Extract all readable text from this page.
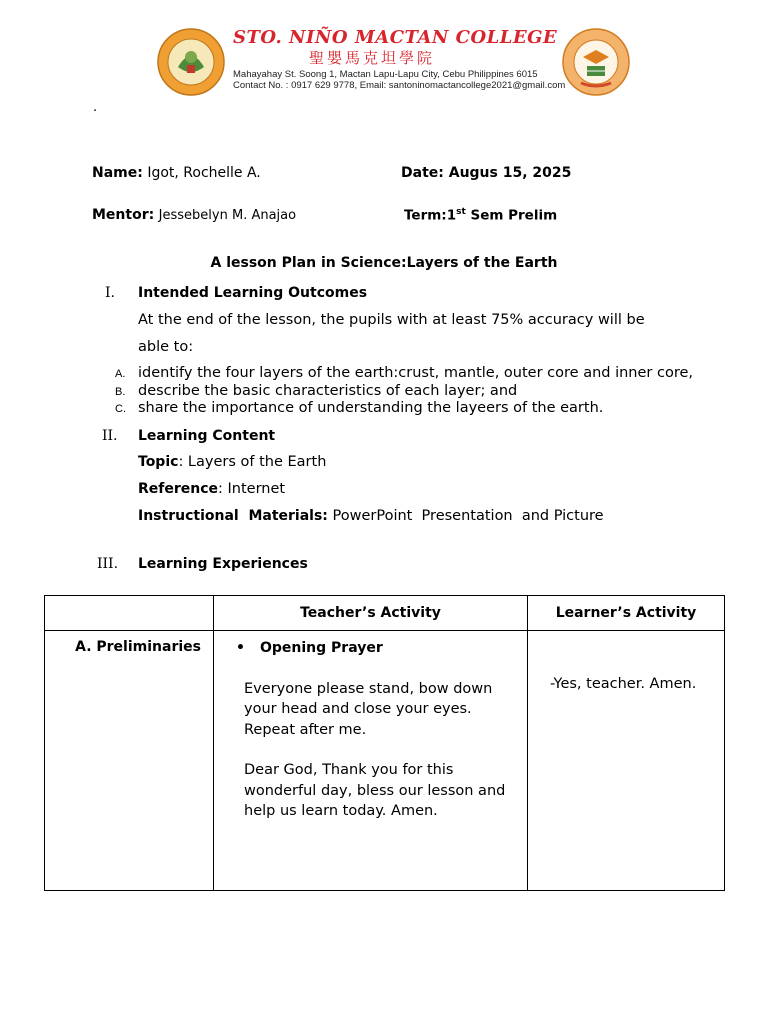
STO. NIÑO MACTAN COLLEGE
聖嬰馬克坦學院
Mahayahay St. Soong 1, Mactan Lapu-Lapu City, Cebu Philippines 6015
Contact No. : 0917 629 9778, Email: santoninomactancollege2021@gmail.com
.
Name: Igot, Rochelle A.	Date: Augus 15, 2025
Mentor: Jessebelyn M. Anajao	Term:1st Sem Prelim
A lesson Plan in Science:Layers of the Earth
I. Intended Learning Outcomes
At the end of the lesson, the pupils with at least 75% accuracy will be
able to:
A. identify the four layers of the earth:crust, mantle, outer core and inner core,
B. describe the basic characteristics of each layer; and
C. share the importance of understanding the layeers of the earth.
II. Learning Content
Topic: Layers of the Earth
Reference: Internet
Instructional  Materials: PowerPoint  Presentation  and Picture
III. Learning Experiences
	Teacher’s Activity	Learner’s Activity
A. Preliminaries	• Opening Prayer
Everyone please stand, bow down your head and close your eyes. Repeat after me.
Dear God, Thank you for this wonderful day, bless our lesson and help us learn today. Amen.	-Yes, teacher. Amen.
